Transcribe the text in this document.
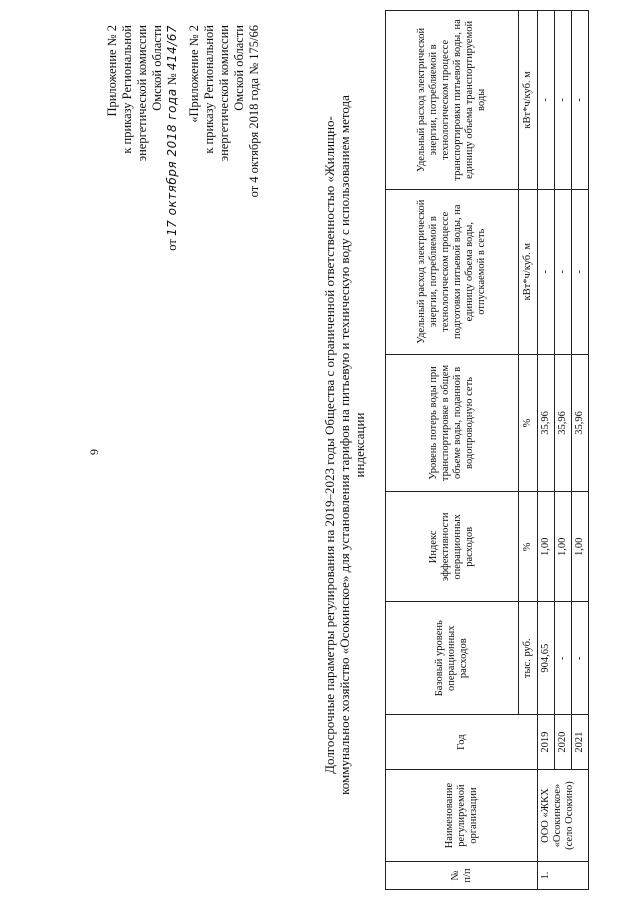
9
Приложение № 2 к приказу Региональной энергетической комиссии Омской области
от 17 октября 2018 года № 414/67 «Приложение № 2 к приказу Региональной энергетической комиссии Омской области от 4 октября 2018 года № 175/66
Долгосрочные параметры регулирования на 2019–2023 годы Общества с ограниченной ответственностью «Жилищно- коммунальное хозяйство «Осокинское» для установления тарифов на питьевую и техническую воду с использованием метода индексации
№ п/п	Наименование регулируемой организации	Год	Базовый уровень операционных расходов	Индекс эффективности операционных расходов	Уровень потерь воды при транспортировке в общем объеме воды, поданной в водопроводную сеть	Удельный расход электрической энергии, потребляемой в технологическом процессе подготовки питьевой воды, на единицу объема воды, отпускаемой в сеть	Удельный расход электрической энергии, потребляемой в технологическом процессе транспортировки питьевой воды, на единицу объема транспортируемой воды
			тыс. руб.	%	%	кВт*ч/куб. м	кВт*ч/куб. м
1.	ООО «ЖКХ «Осокинское» (село Осокино)	2019	904,65	1,00	35,96	-	-
		2020	-	1,00	35,96	-	-
		2021	-	1,00	35,96	-	-
